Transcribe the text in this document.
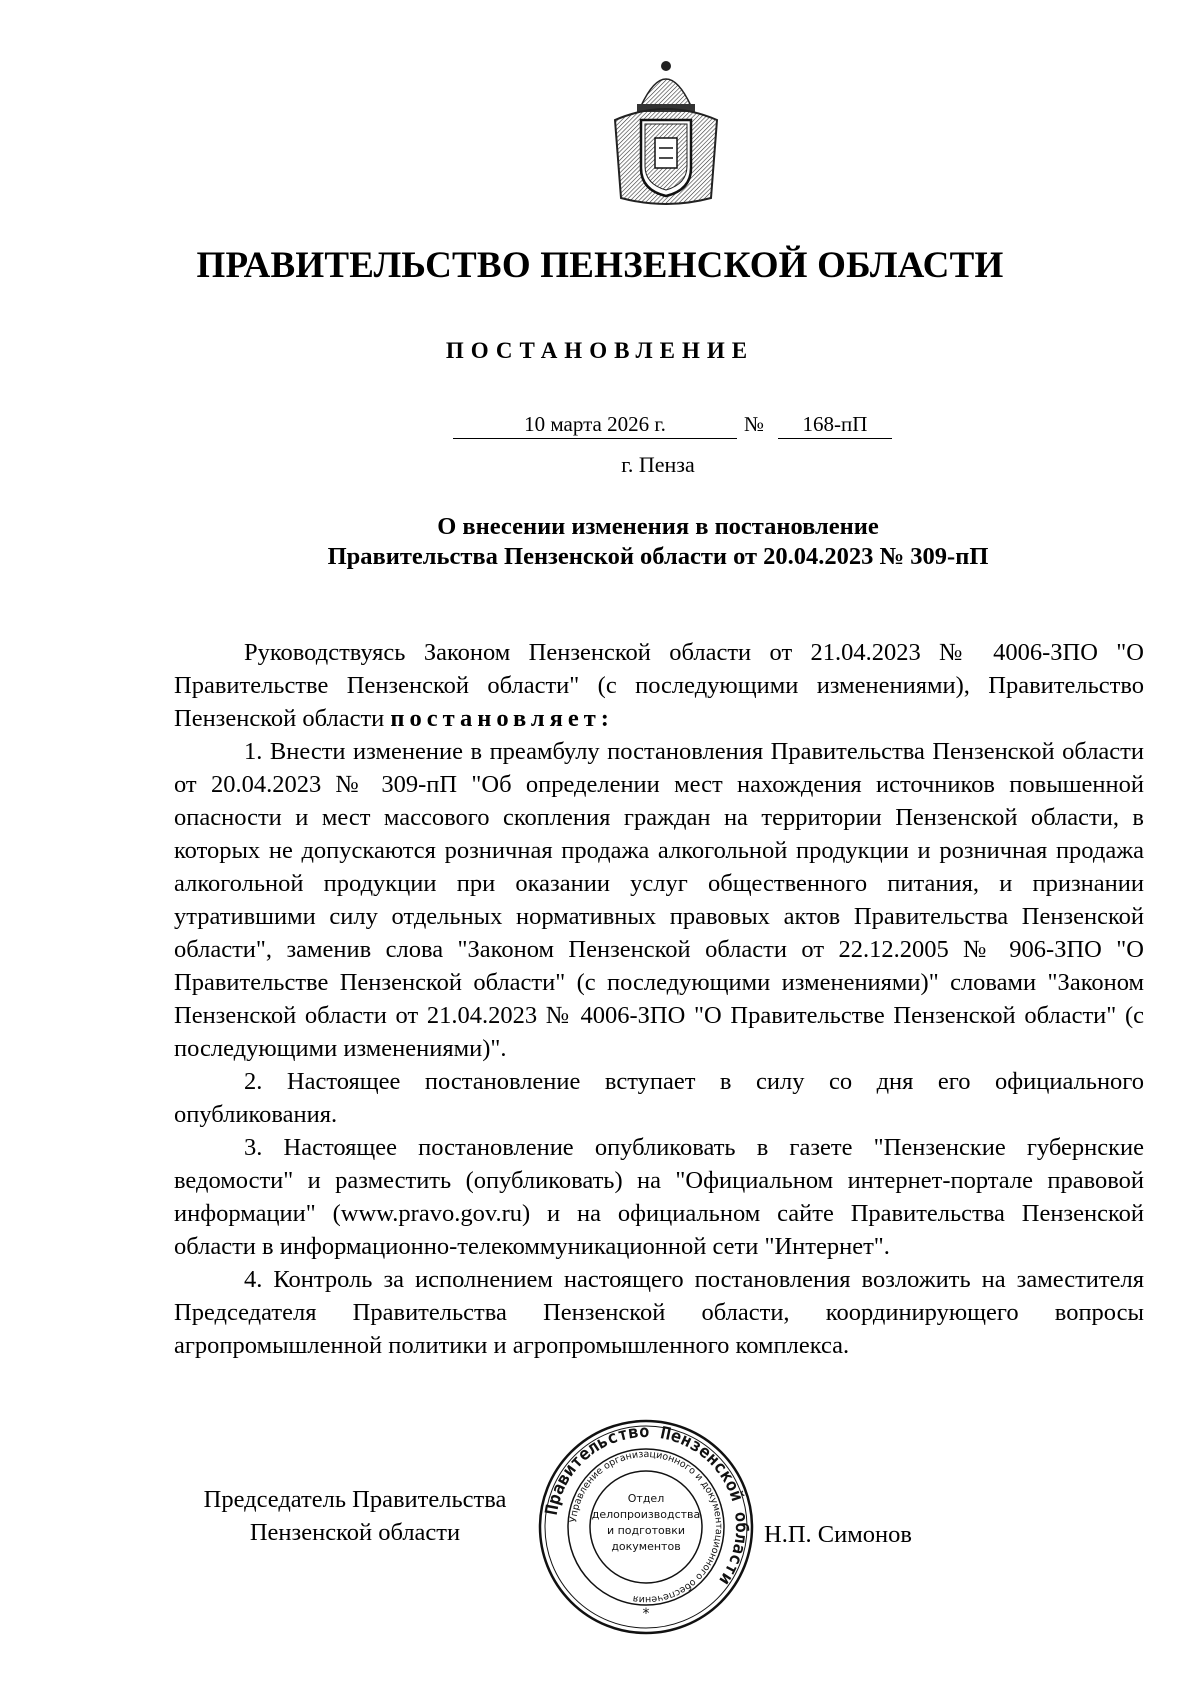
ПРАВИТЕЛЬСТВО ПЕНЗЕНСКОЙ ОБЛАСТИ
ПОСТАНОВЛЕНИЕ
10 марта 2026 г.	№	168-пП
г. Пенза
О внесении изменения в постановление
Правительства Пензенской области от 20.04.2023 № 309-пП

Руководствуясь Законом Пензенской области от 21.04.2023 № 4006-ЗПО "О Правительстве Пензенской области" (с последующими изменениями), Правительство Пензенской области постановляет:

1. Внести изменение в преамбулу постановления Правительства Пензенской области от 20.04.2023 № 309-пП "Об определении мест нахождения источников повышенной опасности и мест массового скопления граждан на территории Пензенской области, в которых не допускаются розничная продажа алкогольной продукции и розничная продажа алкогольной продукции при оказании услуг общественного питания, и признании утратившими силу отдельных нормативных правовых актов Правительства Пензенской области", заменив слова "Законом Пензенской области от 22.12.2005 № 906-ЗПО "О Правительстве Пензенской области" (с последующими изменениями)" словами "Законом Пензенской области от 21.04.2023 № 4006-ЗПО "О Правительстве Пензенской области" (с последующими изменениями)".

2. Настоящее постановление вступает в силу со дня его официального опубликования.

3. Настоящее постановление опубликовать в газете "Пензенские губернские ведомости" и разместить (опубликовать) на "Официальном интернет-портале правовой информации" (www.pravo.gov.ru) и на официальном сайте Правительства Пензенской области в информационно-телекоммуникационной сети "Интернет".

4. Контроль за исполнением настоящего постановления возложить на заместителя Председателя Правительства Пензенской области, координирующего вопросы агропромышленной политики и агропромышленного комплекса.

Председатель Правительства
Пензенской области
Правительство Пензенской области
Управление организационного и документационного обеспечения
Отдел
делопроизводства
и подготовки
документов
*
Н.П. Симонов
